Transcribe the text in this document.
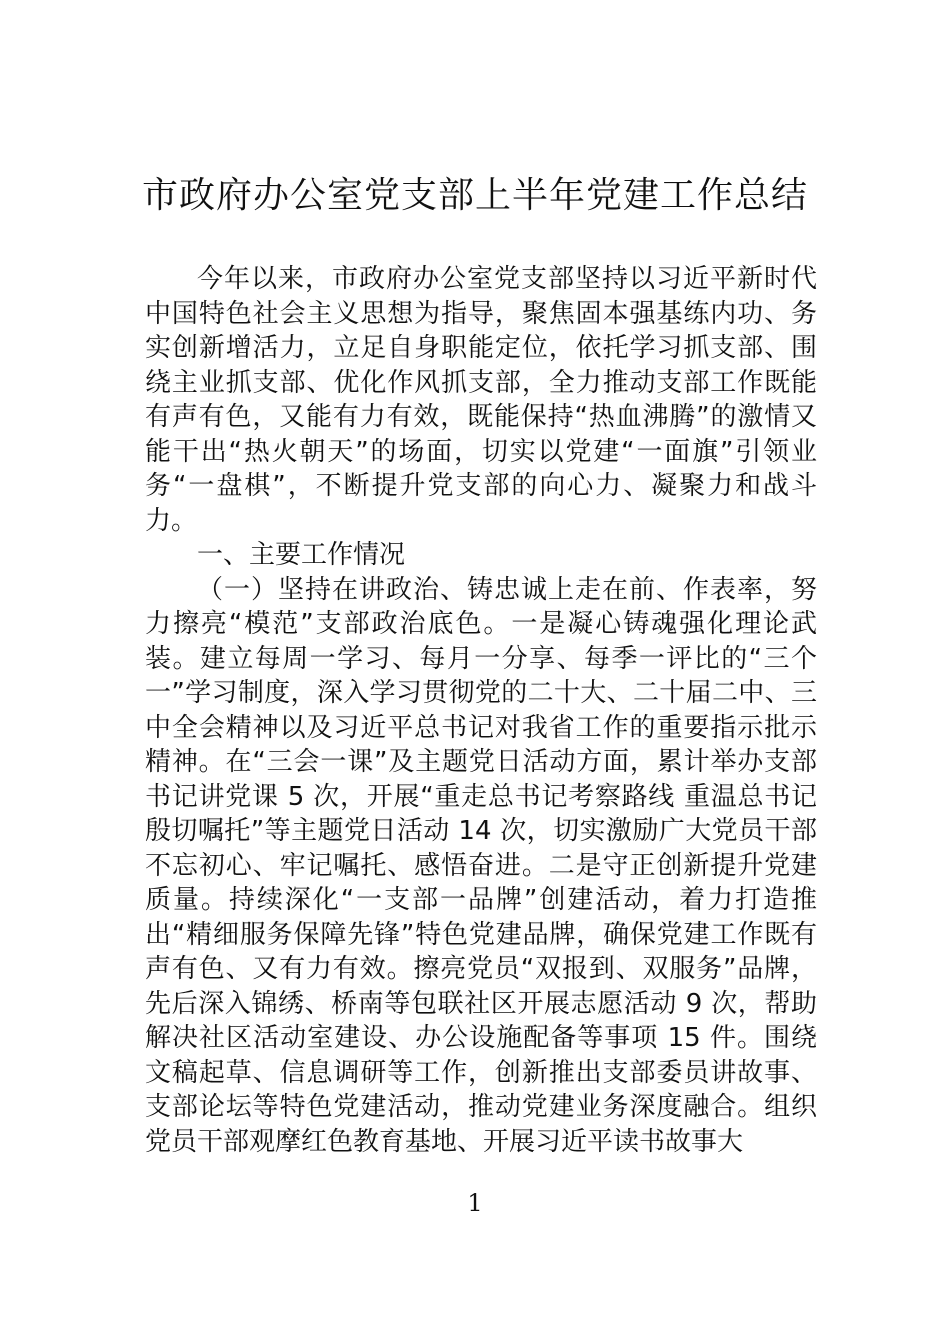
市政府办公室党支部上半年党建工作总结

今年以来，市政府办公室党支部坚持以习近平新时代中国特色社会主义思想为指导，聚焦固本强基练内功、务实创新增活力，立足自身职能定位，依托学习抓支部、围绕主业抓支部、优化作风抓支部，全力推动支部工作既能有声有色，又能有力有效，既能保持“热血沸腾”的激情又能干出“热火朝天”的场面，切实以党建“一面旗”引领业务“一盘棋”，不断提升党支部的向心力、凝聚力和战斗力。

一、主要工作情况

（一）坚持在讲政治、铸忠诚上走在前、作表率，努力擦亮“模范”支部政治底色。一是凝心铸魂强化理论武装。建立每周一学习、每月一分享、每季一评比的“三个一”学习制度，深入学习贯彻党的二十大、二十届二中、三中全会精神以及习近平总书记对我省工作的重要指示批示精神。在“三会一课”及主题党日活动方面，累计举办支部书记讲党课 5 次，开展“重走总书记考察路线 重温总书记殷切嘱托”等主题党日活动 14 次，切实激励广大党员干部不忘初心、牢记嘱托、感悟奋进。二是守正创新提升党建质量。持续深化“一支部一品牌”创建活动，着力打造推出“精细服务保障先锋”特色党建品牌，确保党建工作既有声有色、又有力有效。擦亮党员“双报到、双服务”品牌，先后深入锦绣、桥南等包联社区开展志愿活动 9 次，帮助解决社区活动室建设、办公设施配备等事项 15 件。围绕文稿起草、信息调研等工作，创新推出支部委员讲故事、支部论坛等特色党建活动，推动党建业务深度融合。组织党员干部观摩红色教育基地、开展习近平读书故事大

1
